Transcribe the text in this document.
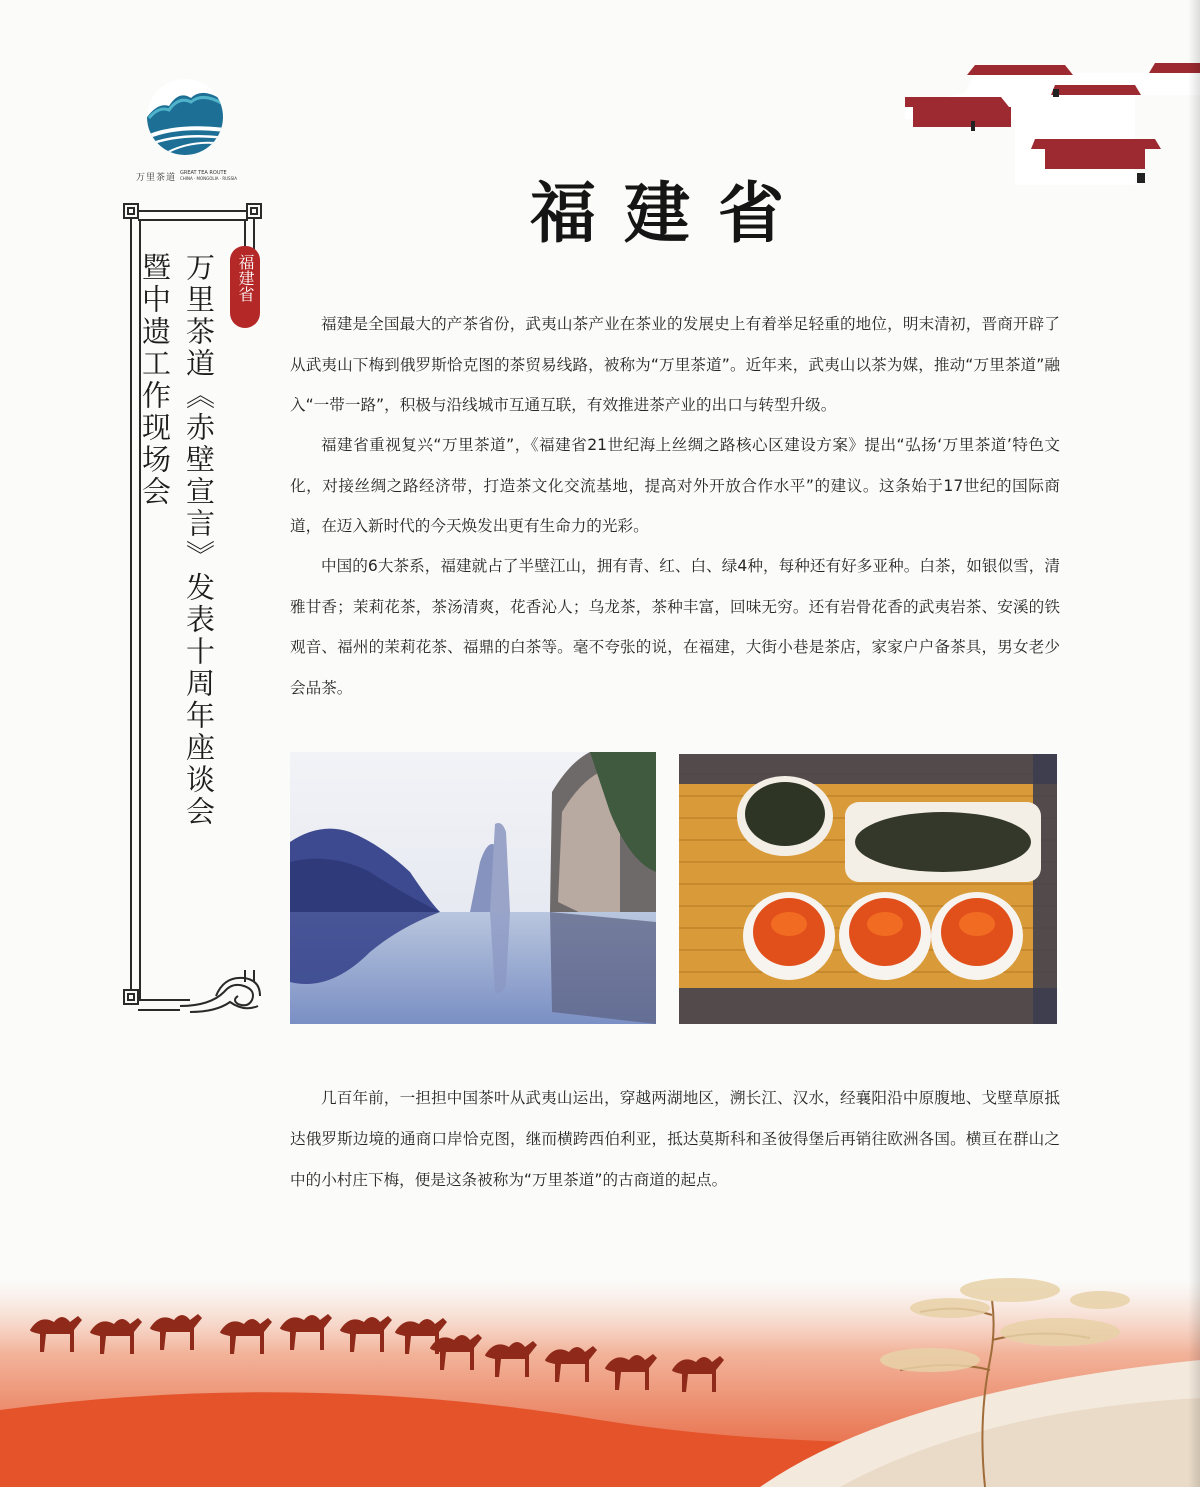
万里茶道 GREAT TEA ROUTE
CHINA · MONGOLIA · RUSSIA	福建省
福建省
万里茶道《赤壁宣言》发表十周年座谈会
暨中遗工作现场会	福建是全国最大的产茶省份，武夷山茶产业在茶业的发展史上有着举足轻重的地位，明末清初，晋商开辟了从武夷山下梅到俄罗斯恰克图的茶贸易线路，被称为“万里茶道”。近年来，武夷山以茶为媒，推动“万里茶道”融入“一带一路”，积极与沿线城市互通互联，有效推进茶产业的出口与转型升级。

福建省重视复兴“万里茶道”，《福建省21世纪海上丝绸之路核心区建设方案》提出“弘扬‘万里茶道’特色文化，对接丝绸之路经济带，打造茶文化交流基地，提高对外开放合作水平”的建议。这条始于17世纪的国际商道，在迈入新时代的今天焕发出更有生命力的光彩。

中国的6大茶系，福建就占了半壁江山，拥有青、红、白、绿4种，每种还有好多亚种。白茶，如银似雪，清雅甘香；茉莉花茶，茶汤清爽，花香沁人；乌龙茶，茶种丰富，回味无穷。还有岩骨花香的武夷岩茶、安溪的铁观音、福州的茉莉花茶、福鼎的白茶等。毫不夸张的说，在福建，大街小巷是茶店，家家户户备茶具，男女老少会品茶。

几百年前，一担担中国茶叶从武夷山运出，穿越两湖地区，溯长江、汉水，经襄阳沿中原腹地、戈壁草原抵达俄罗斯边境的通商口岸恰克图，继而横跨西伯利亚，抵达莫斯科和圣彼得堡后再销往欧洲各国。横亘在群山之中的小村庄下梅，便是这条被称为“万里茶道”的古商道的起点。
